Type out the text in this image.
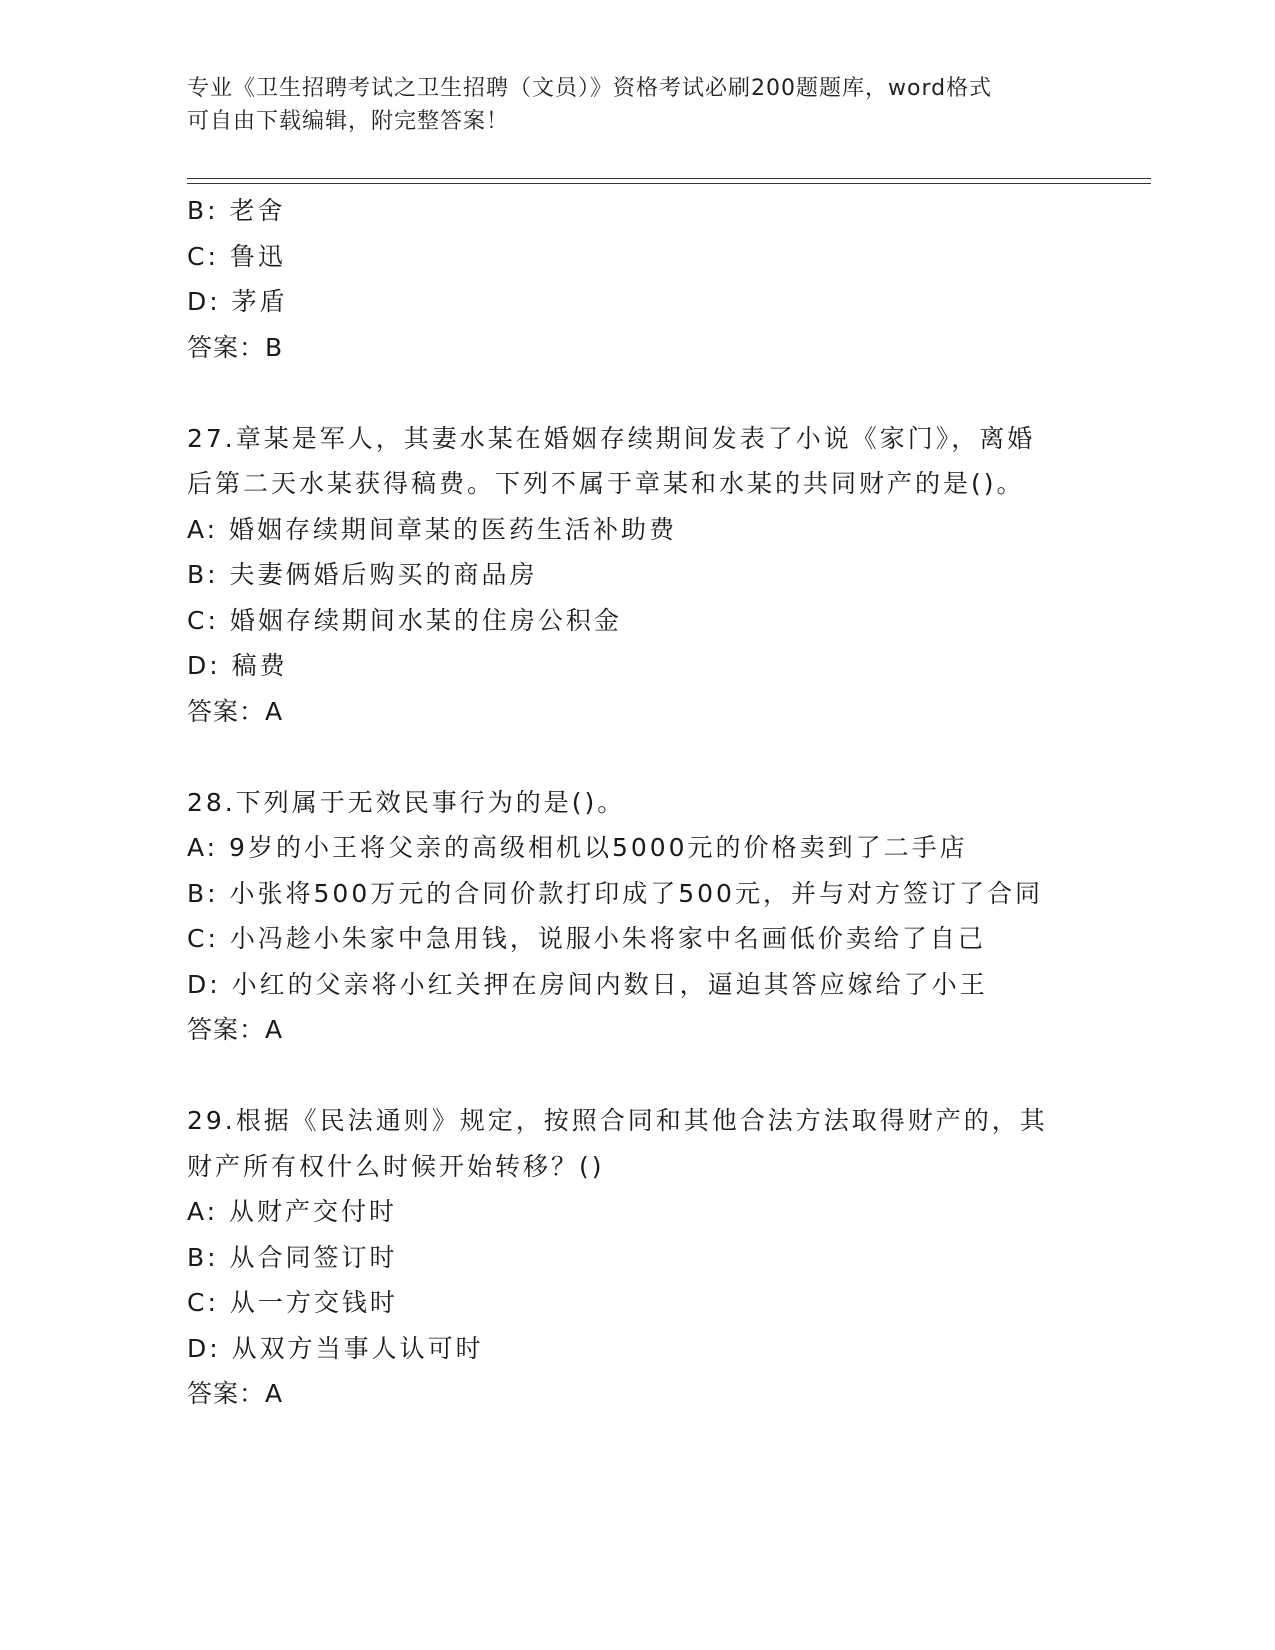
专业《卫生招聘考试之卫生招聘（文员）》资格考试必刷200题题库，word格式
可自由下载编辑，附完整答案！
B: 老舍
C: 鲁迅
D: 茅盾
答案：B
27.章某是军人，其妻水某在婚姻存续期间发表了小说《家门》，离婚
后第二天水某获得稿费。下列不属于章某和水某的共同财产的是()。
A: 婚姻存续期间章某的医药生活补助费
B: 夫妻俩婚后购买的商品房
C: 婚姻存续期间水某的住房公积金
D: 稿费
答案：A
28.下列属于无效民事行为的是()。
A: 9岁的小王将父亲的高级相机以5000元的价格卖到了二手店
B: 小张将500万元的合同价款打印成了500元，并与对方签订了合同
C: 小冯趁小朱家中急用钱，说服小朱将家中名画低价卖给了自己
D: 小红的父亲将小红关押在房间内数日，逼迫其答应嫁给了小王
答案：A
29.根据《民法通则》规定，按照合同和其他合法方法取得财产的，其
财产所有权什么时候开始转移？()
A: 从财产交付时
B: 从合同签订时
C: 从一方交钱时
D: 从双方当事人认可时
答案：A
